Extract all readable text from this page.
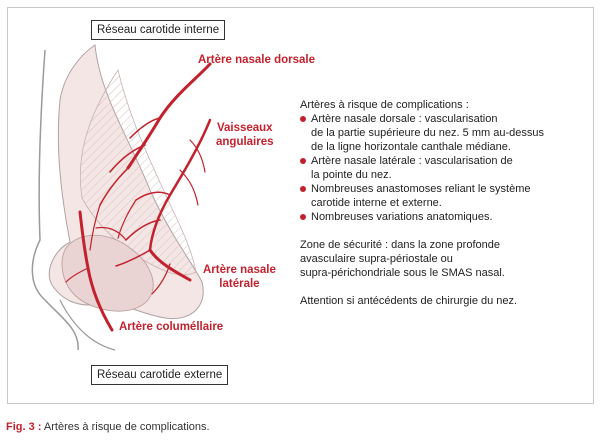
Réseau carotide interne
Réseau carotide externe
Artère nasale dorsale
Vaisseaux
angulaires
Artère nasale
latérale
Artère columéllaire

Artères à risque de complications :

Artère nasale dorsale : vascularisation
de la partie supérieure du nez. 5 mm au-dessus
de la ligne horizontale canthale médiane.
Artère nasale latérale : vascularisation de
la pointe du nez.
Nombreuses anastomoses reliant le système
carotide interne et externe.
Nombreuses variations anatomiques.

Zone de sécurité : dans la zone profonde

avasculaire supra-périostale ou

supra-périchondriale sous le SMAS nasal.

Attention si antécédents de chirurgie du nez.

Fig. 3 : Artères à risque de complications.
